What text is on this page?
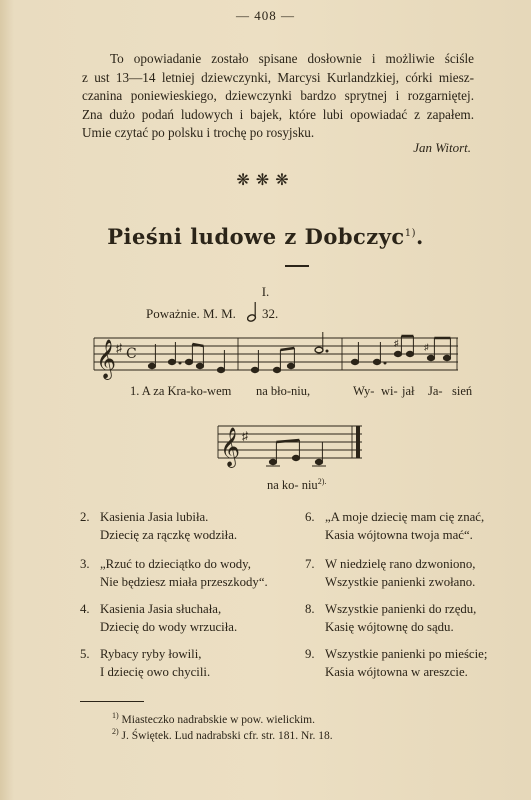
— 408 —
To opowiadanie zostało spisane dosłownie i możliwie ściśle
z ust 13—14 letniej dziewczynki, Marcysi Kurlandzkiej, córki miesz-
czanina poniewieskiego, dziewczynki bardzo sprytnej i rozgarniętej.
Zna dużo podań ludowych i bajek, które lubi opowiadać z zapałem.
Umie czytać po polsku i trochę po rosyjsku.
Jan Witort.
❋❋❋
Pieśni ludowe z Dobczyc$^{1)}$.
I.
Poważnie. M. M. 32.
𝄞 ♯ C
♯	♯
1. A za Kra-ko-wem na bło-niu,	Wy- wi- jał Ja- sień
𝄞 ♯
na ko- niu$^{2).}$
2. Kasienia Jasia lubiła.
Dziecię za rączkę wodziła.
3. „Rzuć to dzieciątko do wody,
Nie będziesz miała przeszkody“.
4. Kasienia Jasia słuchała,
Dziecię do wody wrzuciła.
5. Rybacy ryby łowili,
I dziecię owo chycili.
6. „A moje dziecię mam cię znać,
Kasia wójtowna twoja mać“.
7. W niedzielę rano dzwoniono,
Wszystkie panienki zwołano.
8. Wszystkie panienki do rzędu,
Kasię wójtownę do sądu.
9. Wszystkie panienki po mieście;
Kasia wójtowna w areszcie.
$^{1)}$ Miasteczko nadrabskie w pow. wielickim.
$^{2)}$ J. Świętek. Lud nadrabski cfr. str. 181. Nr. 18.
